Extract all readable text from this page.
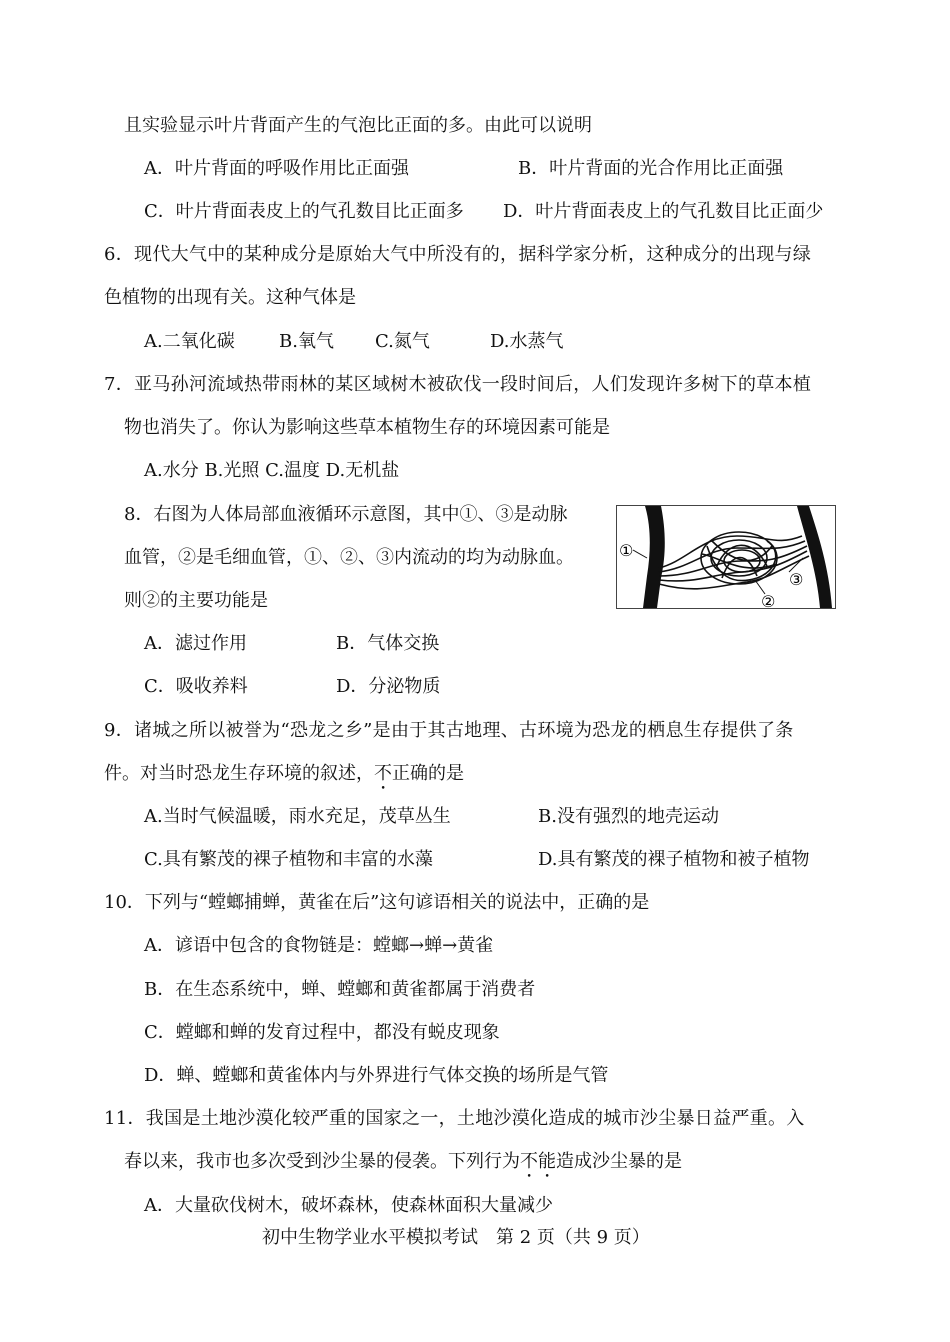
且实验显示叶片背面产生的气泡比正面的多。由此可以说明
A．叶片背面的呼吸作用比正面强	B．叶片背面的光合作用比正面强
C．叶片背面表皮上的气孔数目比正面多 D．叶片背面表皮上的气孔数目比正面少
6．现代大气中的某种成分是原始大气中所没有的，据科学家分析，这种成分的出现与绿
色植物的出现有关。这种气体是
A.二氧化碳 B.氧气 C.氮气	D.水蒸气
7．亚马孙河流域热带雨林的某区域树木被砍伐一段时间后，人们发现许多树下的草本植
物也消失了。你认为影响这些草本植物生存的环境因素可能是
A.水分 B.光照 C.温度 D.无机盐
8．右图为人体局部血液循环示意图，其中①、③是动脉
血管，②是毛细血管，①、②、③内流动的均为动脉血。
则②的主要功能是
A．滤过作用	B．气体交换
C．吸收养料	D．分泌物质
①
②
③
9．诸城之所以被誉为“恐龙之乡”是由于其古地理、古环境为恐龙的栖息生存提供了条
件。对当时恐龙生存环境的叙述，不正确的是
A.当时气候温暖，雨水充足，茂草丛生	B.没有强烈的地壳运动
C.具有繁茂的裸子植物和丰富的水藻	D.具有繁茂的裸子植物和被子植物
10．下列与“螳螂捕蝉，黄雀在后”这句谚语相关的说法中，正确的是
A．谚语中包含的食物链是：螳螂→蝉→黄雀
B．在生态系统中，蝉、螳螂和黄雀都属于消费者
C．螳螂和蝉的发育过程中，都没有蜕皮现象
D．蝉、螳螂和黄雀体内与外界进行气体交换的场所是气管
11．我国是土地沙漠化较严重的国家之一，土地沙漠化造成的城市沙尘暴日益严重。入
春以来，我市也多次受到沙尘暴的侵袭。下列行为不能造成沙尘暴的是
A．大量砍伐树木，破坏森林，使森林面积大量减少
初中生物学业水平模拟考试　第 2 页（共 9 页）
